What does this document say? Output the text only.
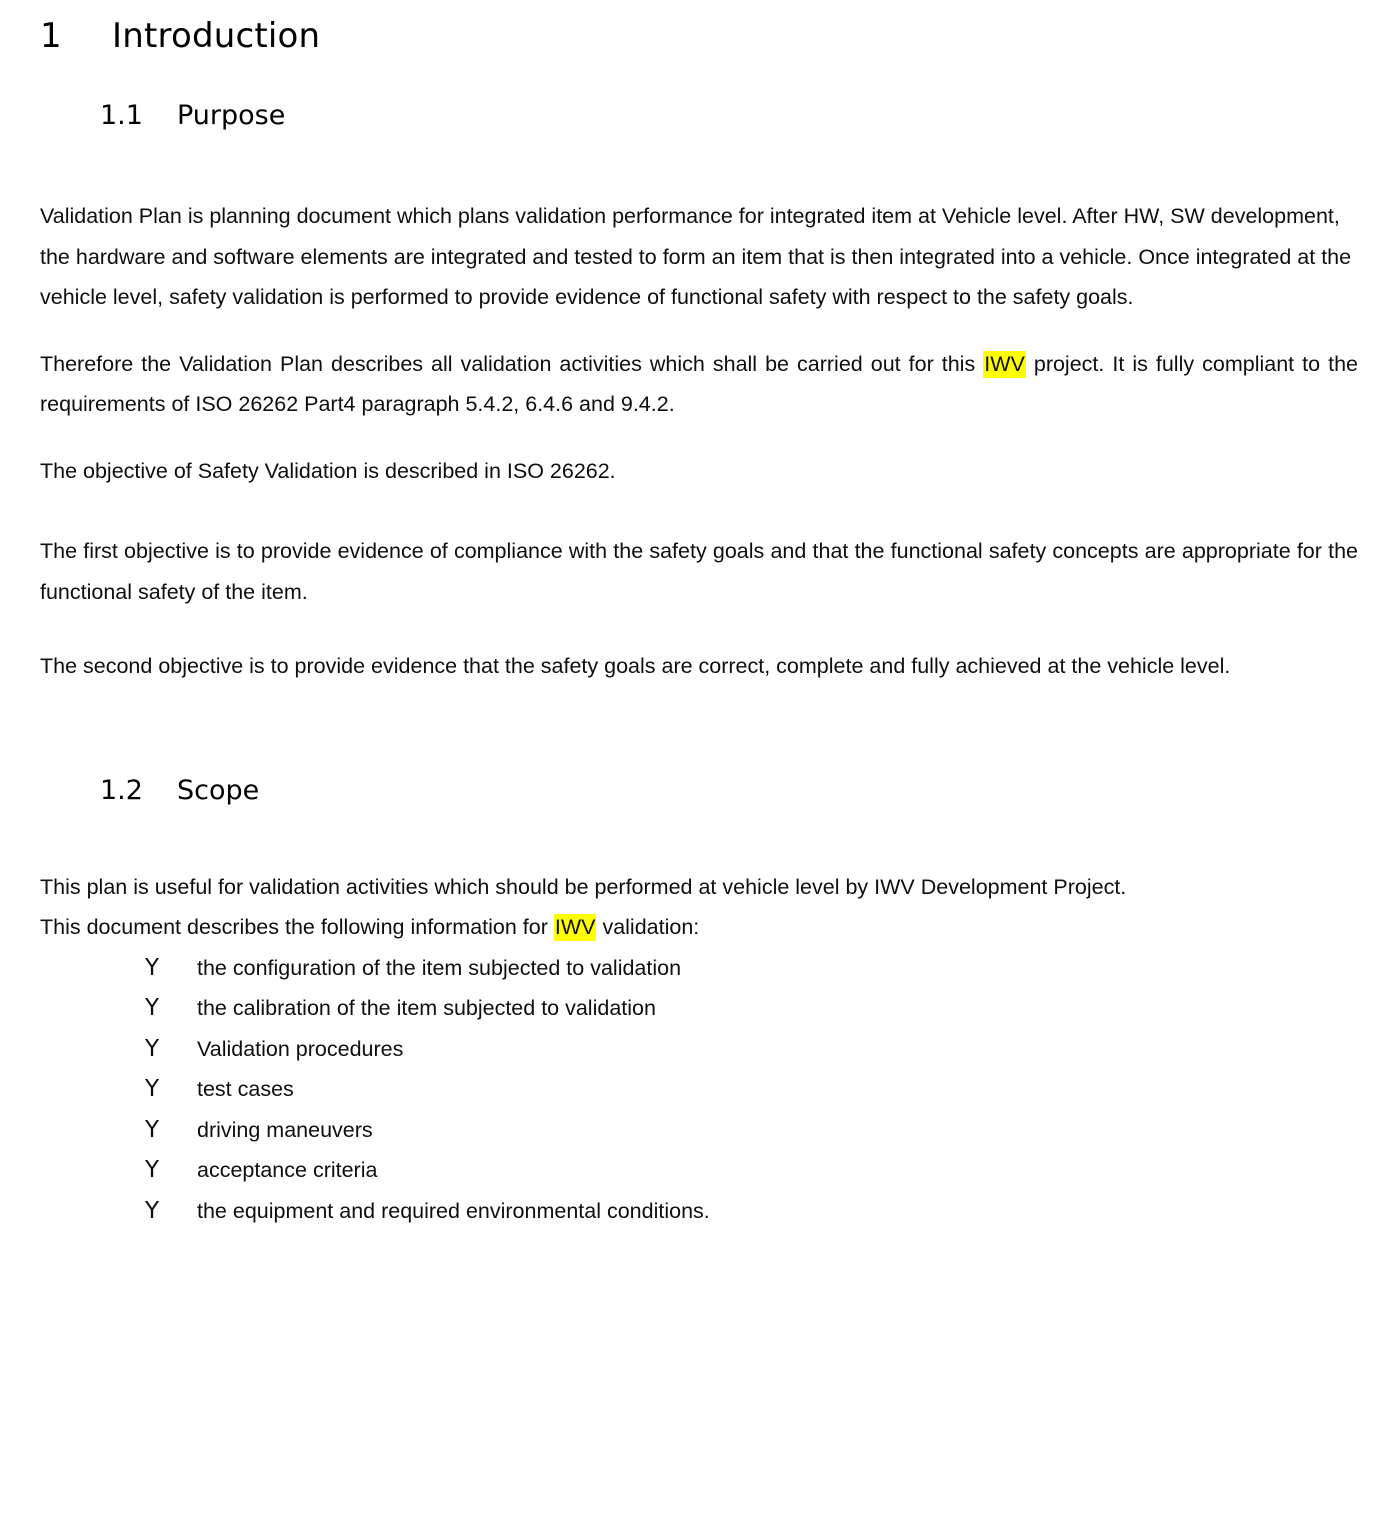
1 Introduction
1.1 Purpose

Validation Plan is planning document which plans validation performance for integrated item at Vehicle level. After HW, SW development, the hardware and software elements are integrated and tested to form an item that is then integrated into a vehicle. Once integrated at the vehicle level, safety validation is performed to provide evidence of functional safety with respect to the safety goals.

Therefore the Validation Plan describes all validation activities which shall be carried out for this IWV project. It is fully compliant to the requirements of ISO 26262 Part4 paragraph 5.4.2, 6.4.6 and 9.4.2.

The objective of Safety Validation is described in ISO 26262.

The first objective is to provide evidence of compliance with the safety goals and that the functional safety concepts are appropriate for the functional safety of the item.

The second objective is to provide evidence that the safety goals are correct, complete and fully achieved at the vehicle level.

1.2 Scope

This plan is useful for validation activities which should be performed at vehicle level by IWV Development Project.

This document describes the following information for IWV validation:

Y	the configuration of the item subjected to validation
Y	the calibration of the item subjected to validation
Y	Validation procedures
Y	test cases
Y	driving maneuvers
Y	acceptance criteria
Y	the equipment and required environmental conditions.
